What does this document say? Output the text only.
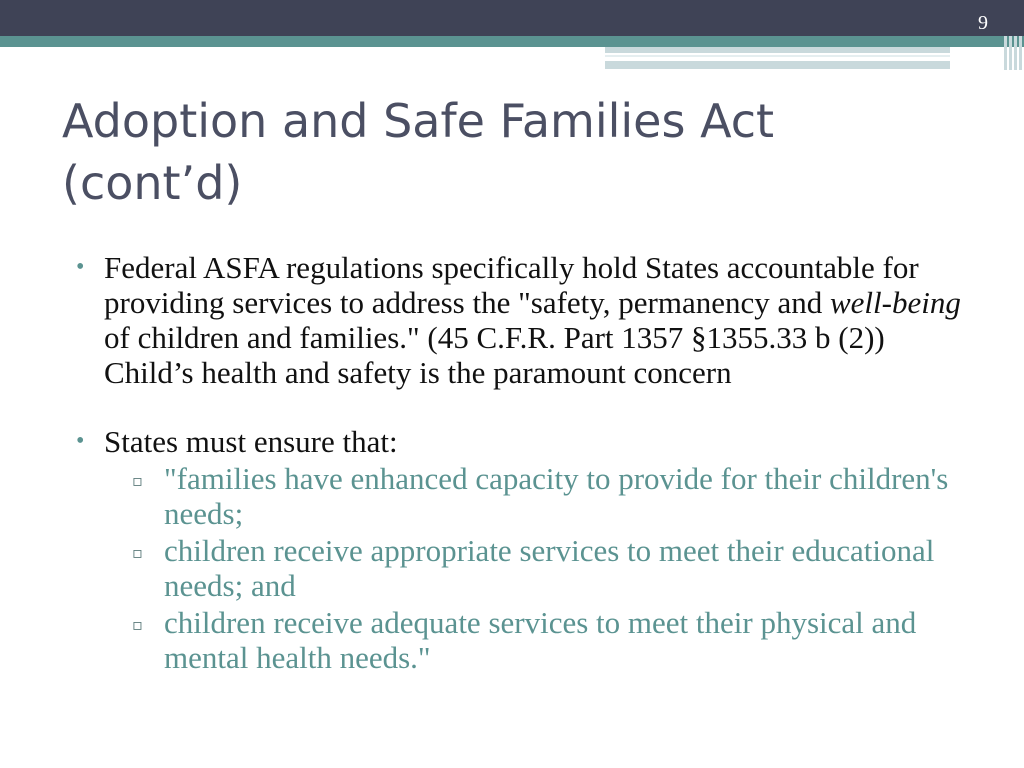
9
Adoption and Safe Families Act (cont’d)
• Federal ASFA regulations specifically hold States accountable for providing services to address the "safety, permanency and well-being of children and families." (45 C.F.R. Part 1357 §1355.33 b (2)) Child’s health and safety is the paramount concern
• States must ensure that:
▫ "families have enhanced capacity to provide for their children's needs;
▫ children receive appropriate services to meet their educational needs; and
▫ children receive adequate services to meet their physical and mental health needs."
